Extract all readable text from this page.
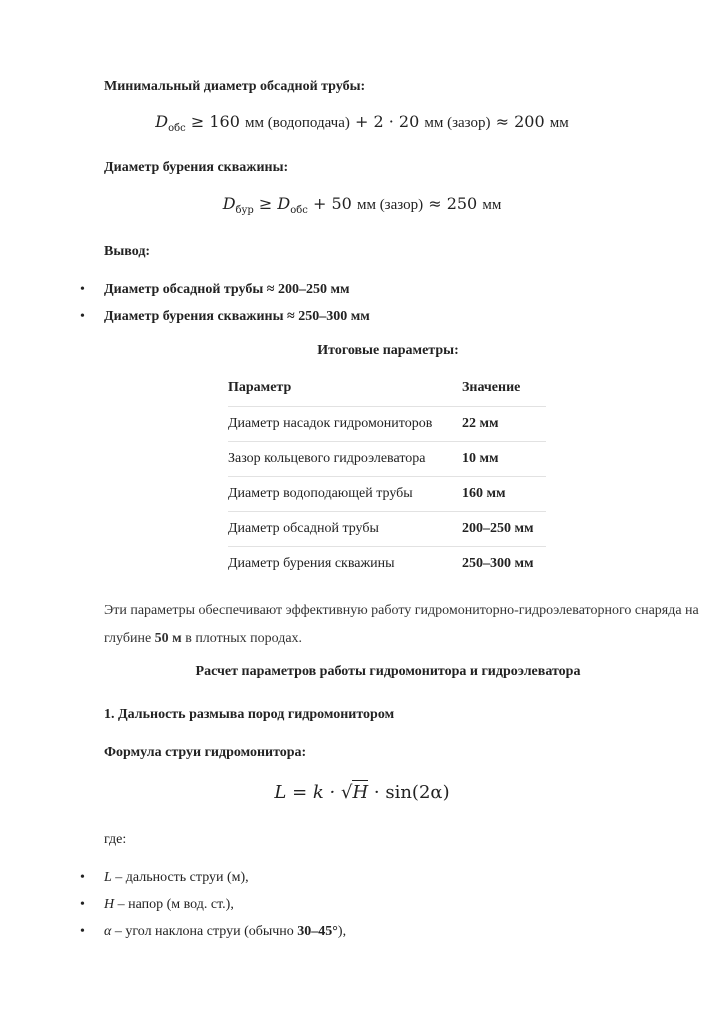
Минимальный диаметр обсадной трубы:
$D_{обс} \ge 160$ мм (водоподача) + 2 · 20 мм (зазор) ≈ 200 мм
Диаметр бурения скважины:
$D_{бур} \ge D_{обс} + 50$ мм (зазор) ≈ 250 мм
Вывод:
• Диаметр обсадной трубы ≈ 200–250 мм
• Диаметр бурения скважины ≈ 250–300 мм
Итоговые параметры:
Параметр	Значение
Диаметр насадок гидромониторов	22 мм
Зазор кольцевого гидроэлеватора	10 мм
Диаметр водоподающей трубы	160 мм
Диаметр обсадной трубы	200–250 мм
Диаметр бурения скважины	250–300 мм
Эти параметры обеспечивают эффективную работу гидромониторно-гидроэлеваторного снаряда на глубине 50 м в плотных породах.
Расчет параметров работы гидромонитора и гидроэлеватора
1. Дальность размыва пород гидромонитором
Формула струи гидромонитора:
L = k · √H · sin(2α)
где:
• L – дальность струи (м),
• H – напор (м вод. ст.),
• α – угол наклона струи (обычно 30–45°),
